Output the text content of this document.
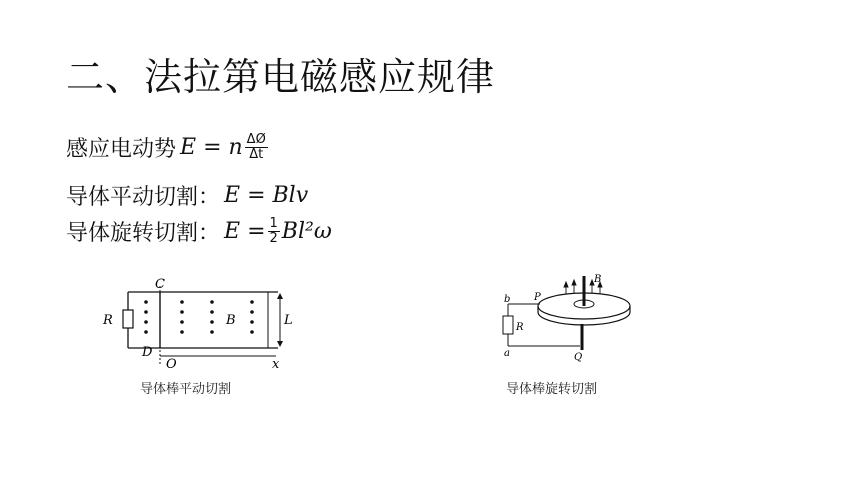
二、法拉第电磁感应规律
感应电动势 E = n $\frac{\Delta Ø}{\Delta t}$
导体平动切割： E = Blv
导体旋转切割： $E = \frac{1}{2} Bl^2\omega$
C
D
O	x
R	B	L
导体棒平动切割
b
a
P
Q
R
B
导体棒旋转切割
